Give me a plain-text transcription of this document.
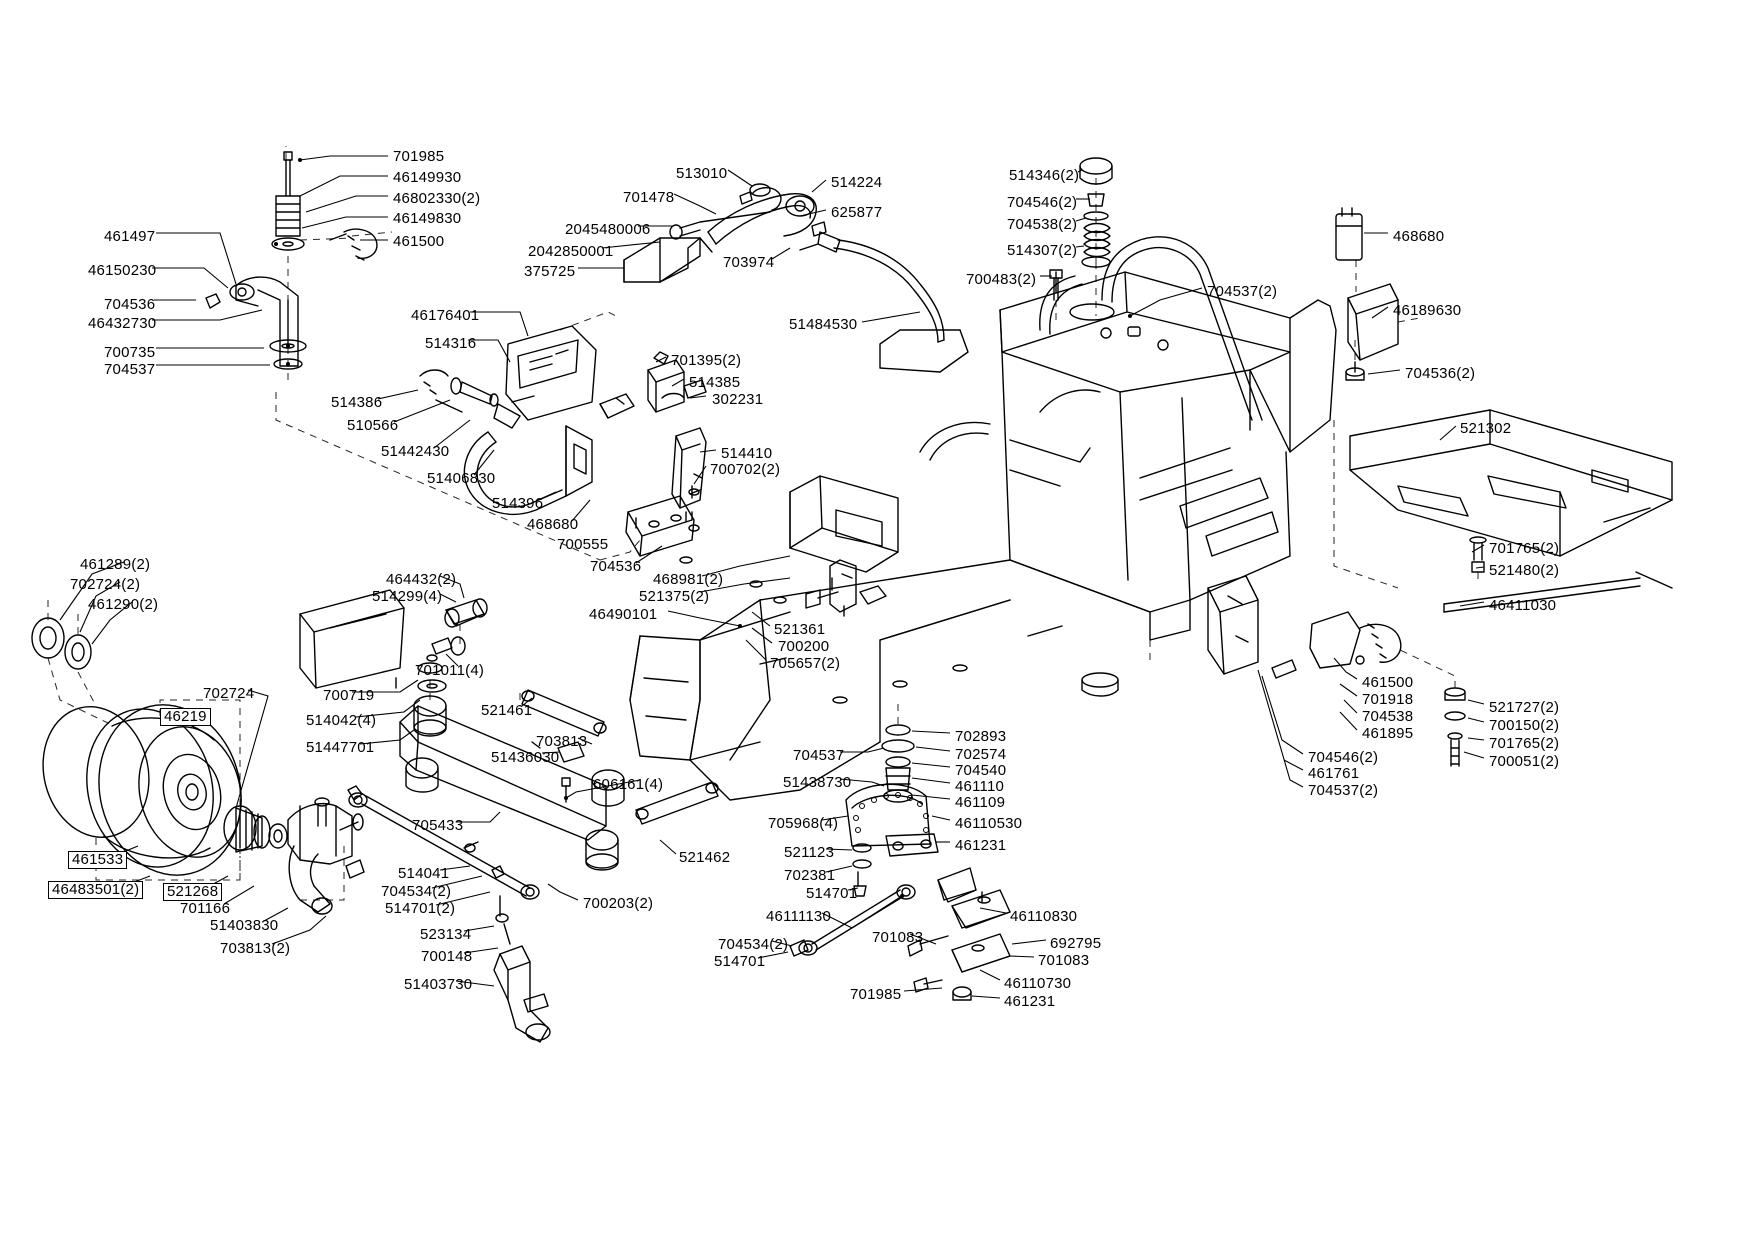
701985
46149930
46802330(2)
46149830
461500
461497
46150230
704536
46432730
700735
704537
513010
701478
514224
625877
2045480006
2042850001
375725
703974
51484530
514346(2)
704546(2)
704538(2)
514307(2)
700483(2)
704537(2)
468680
46189630
704536(2)
521302
46176401
514316
514386
510566
51442430
51406830
514396
468680
700555
704536
701395(2)
514385
302231
514410
700702(2)
468981(2)
521375(2)
46490101
521361
700200
705657(2)
461289(2)
702724(2)
461290(2)
464432(2)
514299(4)
701011(4)
702724
46219
700719
514042(4)
51447701
521461
703813
51436030
606161(4)
461533
46483501(2) 521268
701166
51403830
703813(2)
705433
514041
704534(2)
514701(2)
523134
700148
51403730
700203(2)
521462
704537
51438730
705968(4)
521123
702381
514701
702893
702574
704540
461110
461109
46110530
461231
46111130
704534(2)
514701
46110830
692795
701083
701083
46110730
701985	461231
701765(2)
521480(2)
46411030
461500
701918
704538
461895
521727(2)
700150(2)
701765(2)
700051(2)
704546(2)
461761
704537(2)
